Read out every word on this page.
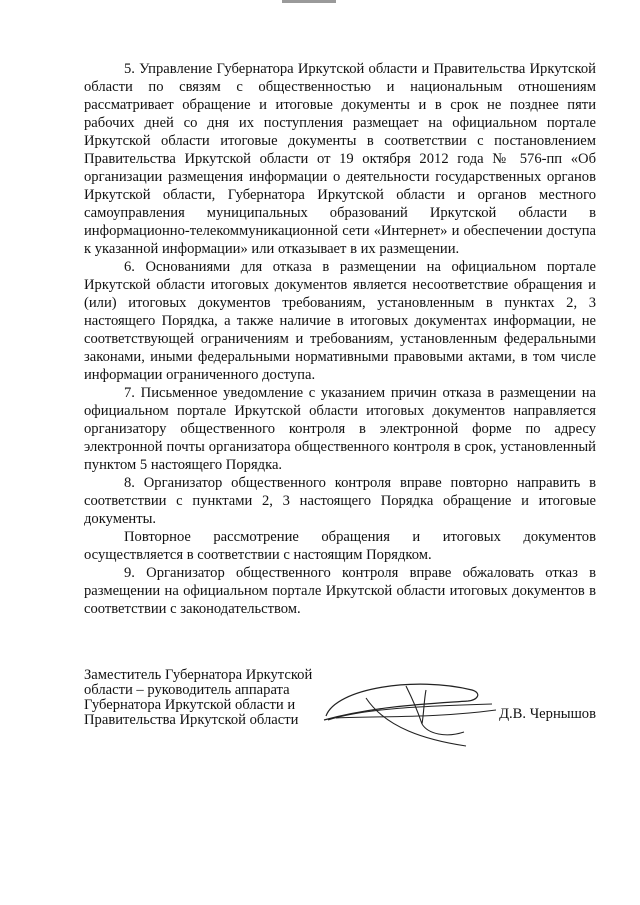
5. Управление Губернатора Иркутской области и Правительства Иркутской области по связям с общественностью и национальным отношениям рассматривает обращение и итоговые документы и в срок не позднее пяти рабочих дней со дня их поступления размещает на официальном портале Иркутской области итоговые документы в соответствии с постановлением Правительства Иркутской области от 19 октября 2012 года № 576-пп «Об организации размещения информации о деятельности государственных органов Иркутской области, Губернатора Иркутской области и органов местного самоуправления муниципальных образований Иркутской области в информационно-телекоммуникационной сети «Интернет» и обеспечении доступа к указанной информации» или отказывает в их размещении.

6. Основаниями для отказа в размещении на официальном портале Иркутской области итоговых документов является несоответствие обращения и (или) итоговых документов требованиям, установленным в пунктах 2, 3 настоящего Порядка, а также наличие в итоговых документах информации, не соответствующей ограничениям и требованиям, установленным федеральными законами, иными федеральными нормативными правовыми актами, в том числе информации ограниченного доступа.

7. Письменное уведомление с указанием причин отказа в размещении на официальном портале Иркутской области итоговых документов направляется организатору общественного контроля в электронной форме по адресу электронной почты организатора общественного контроля в срок, установленный пунктом 5 настоящего Порядка.

8. Организатор общественного контроля вправе повторно направить в соответствии с пунктами 2, 3 настоящего Порядка обращение и итоговые документы.

Повторное рассмотрение обращения и итоговых документов осуществляется в соответствии с настоящим Порядком.

9. Организатор общественного контроля вправе обжаловать отказ в размещении на официальном портале Иркутской области итоговых документов в соответствии с законодательством.

Заместитель Губернатора Иркутской
области – руководитель аппарата
Губернатора Иркутской области и
Правительства Иркутской области	Д.В. Чернышов
